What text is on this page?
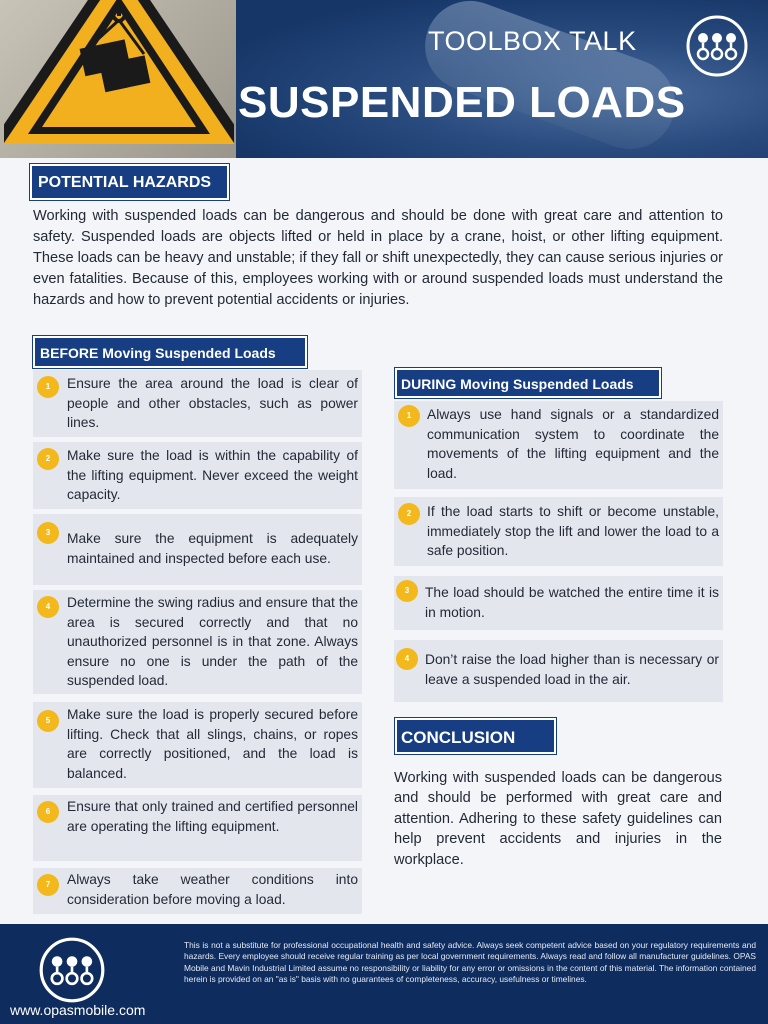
TOOLBOX TALK
SUSPENDED LOADS
POTENTIAL HAZARDS
Working with suspended loads can be dangerous and should be done with great care and attention to safety. Suspended loads are objects lifted or held in place by a crane, hoist, or other lifting equipment. These loads can be heavy and unstable; if they fall or shift unexpectedly, they can cause serious injuries or even fatalities. Because of this, employees working with or around suspended loads must understand the hazards and how to prevent potential accidents or injuries.
BEFORE Moving Suspended Loads
1	Ensure the area around the load is clear of people and other obstacles, such as power lines.
2	Make sure the load is within the capability of the lifting equipment. Never exceed the weight capacity.
3	Make sure the equipment is adequately maintained and inspected before each use.
4	Determine the swing radius and ensure that the area is secured correctly and that no unauthorized personnel is in that zone. Always ensure no one is under the path of the suspended load.
5	Make sure the load is properly secured before lifting. Check that all slings, chains, or ropes are correctly positioned, and the load is balanced.
6	Ensure that only trained and certified personnel are operating the lifting equipment.
7	Always take weather conditions into consideration before moving a load.
DURING Moving Suspended Loads
1	Always use hand signals or a standardized communication system to coordinate the movements of the lifting equipment and the load.
2	If the load starts to shift or become unstable, immediately stop the lift and lower the load to a safe position.
3	The load should be watched the entire time it is in motion.
4	Don’t raise the load higher than is necessary or leave a suspended load in the air.
CONCLUSION
Working with suspended loads can be dangerous and should be performed with great care and attention. Adhering to these safety guidelines can help prevent accidents and injuries in the workplace.
www.opasmobile.com
This is not a substitute for professional occupational health and safety advice. Always seek competent advice based on your regulatory requirements and hazards. Every employee should receive regular training as per local government requirements. Always read and follow all manufacturer guidelines. OPAS Mobile and Mavin Industrial Limited assume no responsibility or liability for any error or omissions in the content of this material. The information contained herein is provided on an "as is" basis with no guarantees of completeness, accuracy, usefulness or timelines.
